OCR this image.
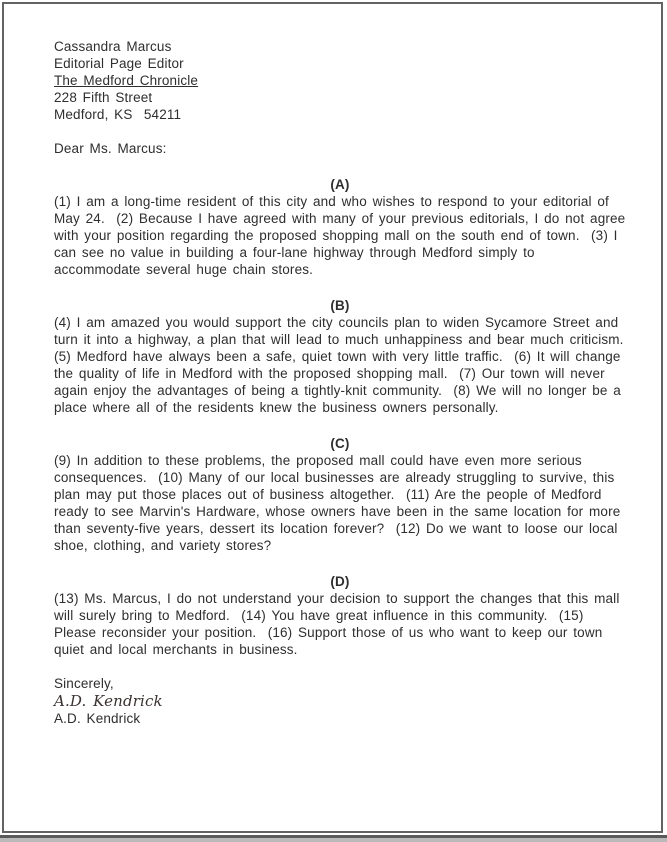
Cassandra Marcus
Editorial Page Editor
The Medford Chronicle
228 Fifth Street
Medford, KS  54211

Dear Ms. Marcus:

(A)

(1) I am a long-time resident of this city and who wishes to respond to your editorial of May 24.  (2) Because I have agreed with many of your previous editorials, I do not agree with your position regarding the proposed shopping mall on the south end of town.  (3) I can see no value in building a four-lane highway through Medford simply to accommodate several huge chain stores.

(B)

(4) I am amazed you would support the city councils plan to widen Sycamore Street and turn it into a highway, a plan that will lead to much unhappiness and bear much criticism.  (5) Medford have always been a safe, quiet town with very little traffic.  (6) It will change the quality of life in Medford with the proposed shopping mall.  (7) Our town will never again enjoy the advantages of being a tightly-knit community.  (8) We will no longer be a place where all of the residents knew the business owners personally.

(C)

(9) In addition to these problems, the proposed mall could have even more serious consequences.  (10) Many of our local businesses are already struggling to survive, this plan may put those places out of business altogether.  (11) Are the people of Medford ready to see Marvin's Hardware, whose owners have been in the same location for more than seventy-five years, dessert its location forever?  (12) Do we want to loose our local shoe, clothing, and variety stores?

(D)

(13) Ms. Marcus, I do not understand your decision to support the changes that this mall will surely bring to Medford.  (14) You have great influence in this community.  (15) Please reconsider your position.  (16) Support those of us who want to keep our town quiet and local merchants in business.

Sincerely,

A.D. Kendrick

A.D. Kendrick
